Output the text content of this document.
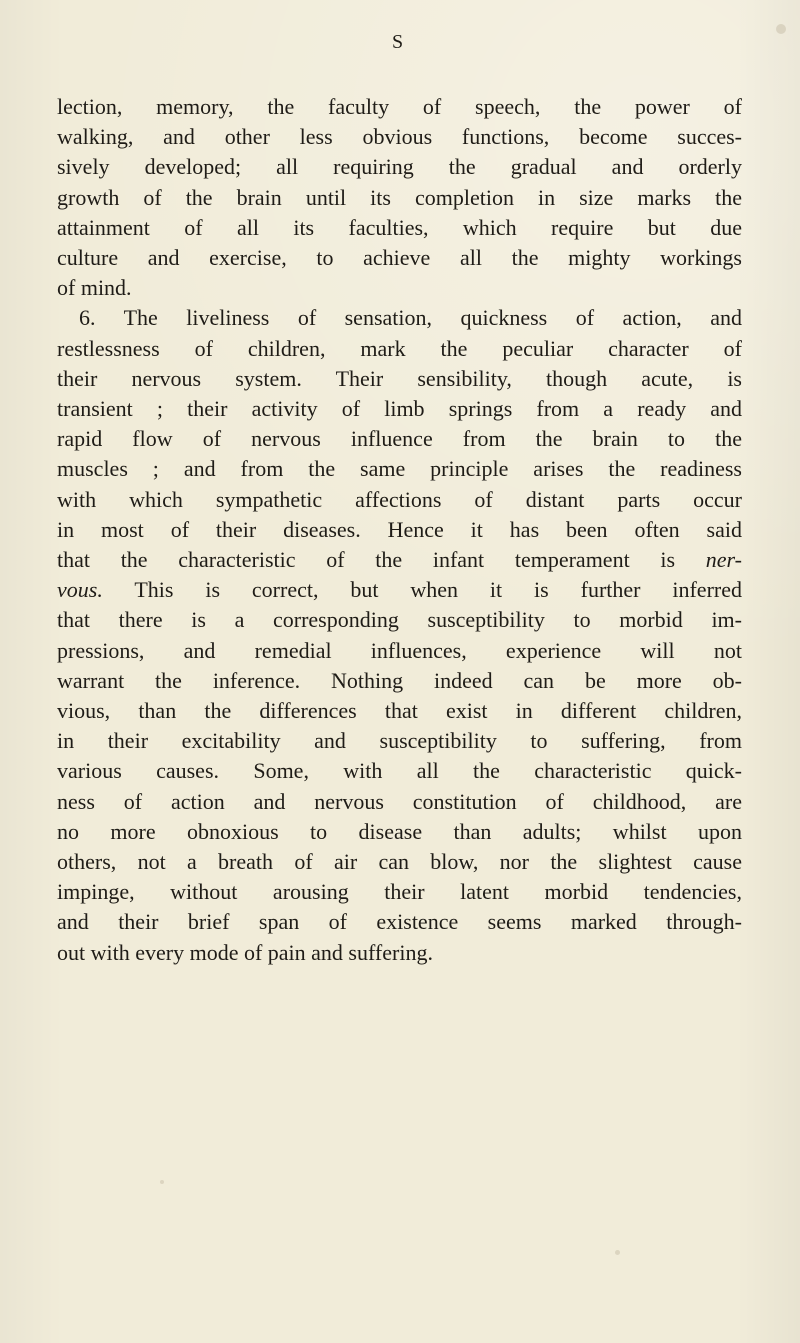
S

lection, memory, the faculty of speech, the power of

walking, and other less obvious functions, become succes-

sively developed; all requiring the gradual and orderly

growth of the brain until its completion in size marks the

attainment of all its faculties, which require but due

culture and exercise, to achieve all the mighty workings

of mind.

6. The liveliness of sensation, quickness of action, and

restlessness of children, mark the peculiar character of

their nervous system. Their sensibility, though acute, is

transient ; their activity of limb springs from a ready and

rapid flow of nervous influence from the brain to the

muscles ; and from the same principle arises the readiness

with which sympathetic affections of distant parts occur

in most of their diseases. Hence it has been often said

that the characteristic of the infant temperament is ner-

vous. This is correct, but when it is further inferred

that there is a corresponding susceptibility to morbid im-

pressions, and remedial influences, experience will not

warrant the inference. Nothing indeed can be more ob-

vious, than the differences that exist in different children,

in their excitability and susceptibility to suffering, from

various causes. Some, with all the characteristic quick-

ness of action and nervous constitution of childhood, are

no more obnoxious to disease than adults; whilst upon

others, not a breath of air can blow, nor the slightest cause

impinge, without arousing their latent morbid tendencies,

and their brief span of existence seems marked through-

out with every mode of pain and suffering.
